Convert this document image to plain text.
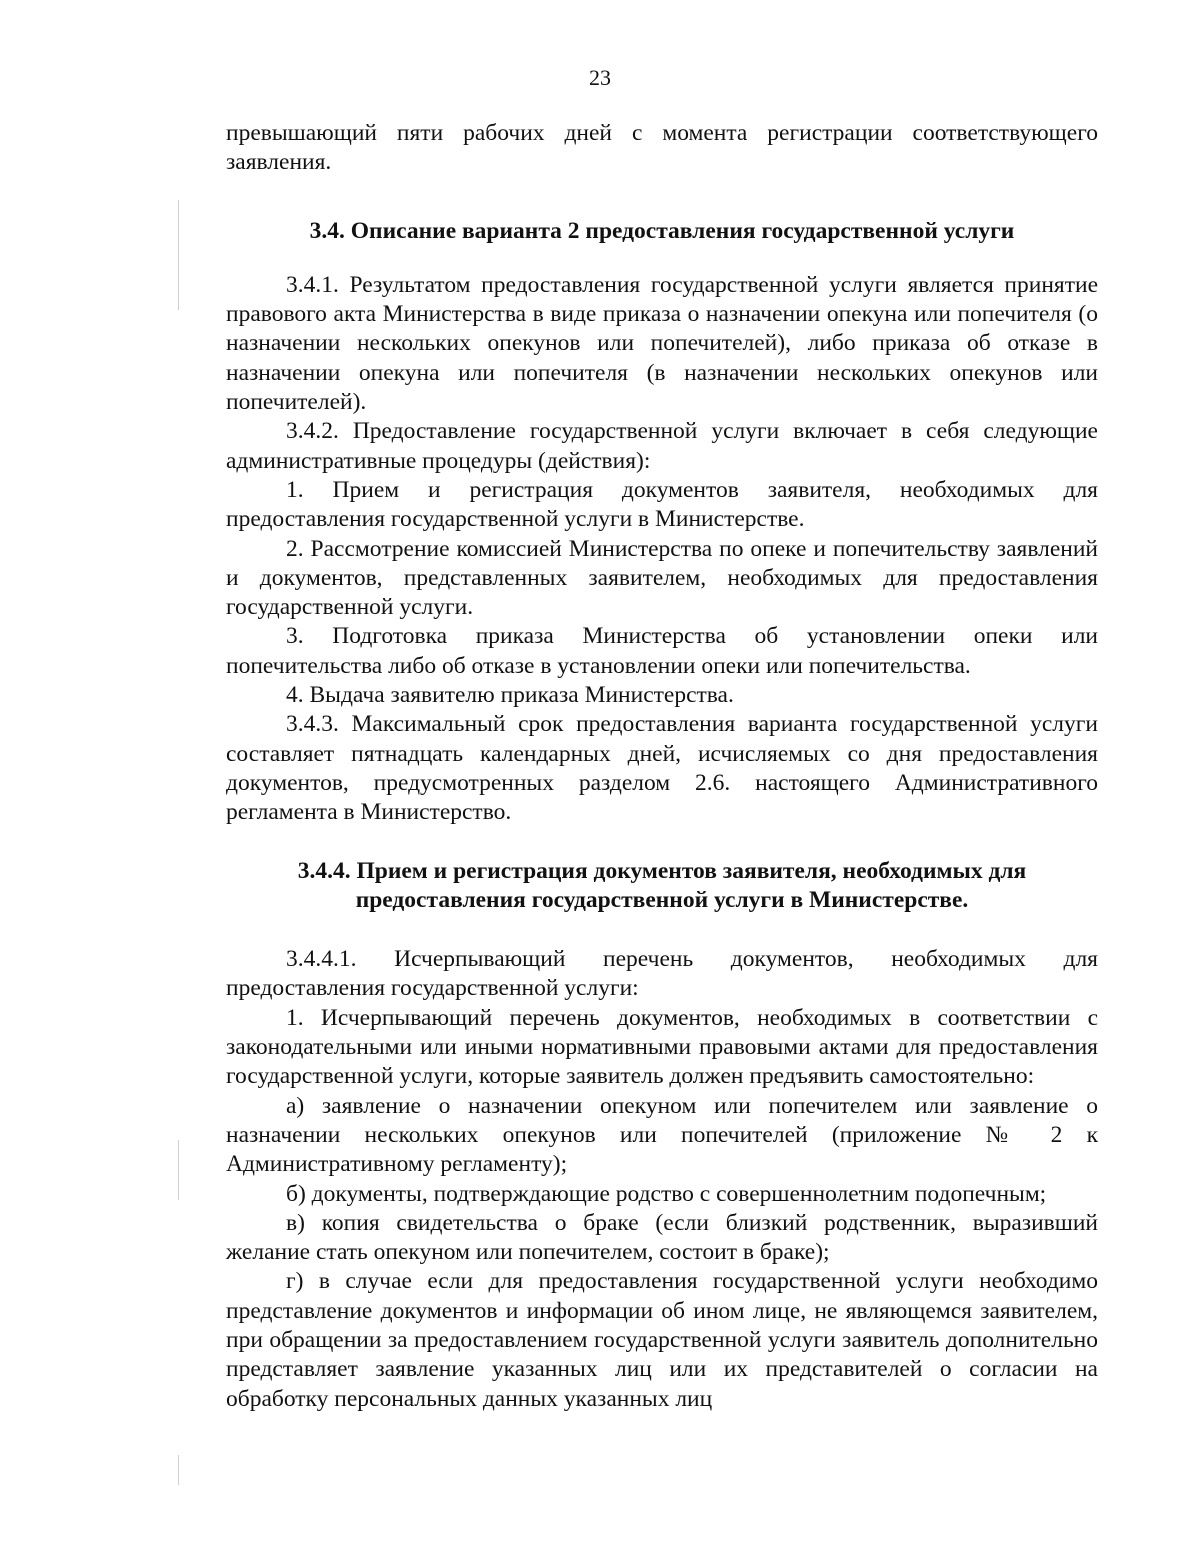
23

превышающий пяти рабочих дней с момента регистрации соответствующего заявления.

3.4. Описание варианта 2 предоставления государственной услуги

3.4.1. Результатом предоставления государственной услуги является принятие правового акта Министерства в виде приказа о назначении опекуна или попечителя (о назначении нескольких опекунов или попечителей), либо приказа об отказе в назначении опекуна или попечителя (в назначении нескольких опекунов или попечителей).

3.4.2. Предоставление государственной услуги включает в себя следующие административные процедуры (действия):

1. Прием и регистрация документов заявителя, необходимых для предоставления государственной услуги в Министерстве.

2. Рассмотрение комиссией Министерства по опеке и попечительству заявлений и документов, представленных заявителем, необходимых для предоставления государственной услуги.

3. Подготовка приказа Министерства об установлении опеки или попечительства либо об отказе в установлении опеки или попечительства.

4. Выдача заявителю приказа Министерства.

3.4.3. Максимальный срок предоставления варианта государственной услуги составляет пятнадцать календарных дней, исчисляемых со дня предоставления документов, предусмотренных разделом 2.6. настоящего Административного регламента в Министерство.

3.4.4. Прием и регистрация документов заявителя, необходимых для

предоставления государственной услуги в Министерстве.

3.4.4.1. Исчерпывающий перечень документов, необходимых для предоставления государственной услуги:

1. Исчерпывающий перечень документов, необходимых в соответствии с законодательными или иными нормативными правовыми актами для предоставления государственной услуги, которые заявитель должен предъявить самостоятельно:

а) заявление о назначении опекуном или попечителем или заявление о назначении нескольких опекунов или попечителей (приложение № 2 к Административному регламенту);

б) документы, подтверждающие родство с совершеннолетним подопечным;

в) копия свидетельства о браке (если близкий родственник, выразивший желание стать опекуном или попечителем, состоит в браке);

г) в случае если для предоставления государственной услуги необходимо представление документов и информации об ином лице, не являющемся заявителем, при обращении за предоставлением государственной услуги заявитель дополнительно представляет заявление указанных лиц или их представителей о согласии на обработку персональных данных указанных лиц
